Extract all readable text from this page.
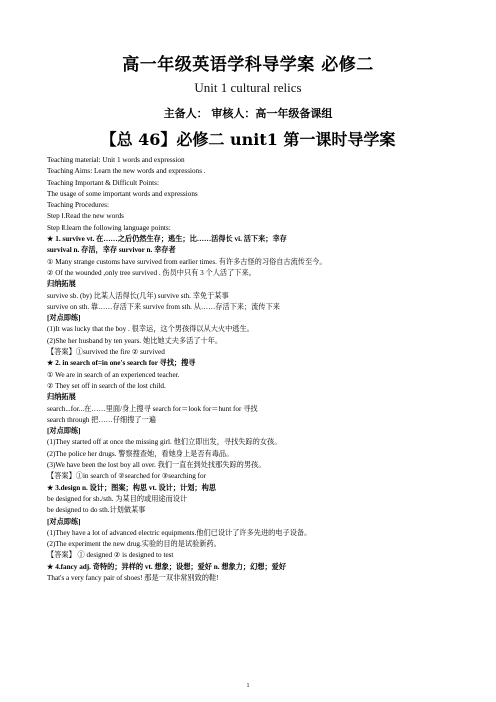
高一年级英语学科导学案 必修二
Unit 1 cultural relics
主备人： 审核人：高一年级备课组
【总 46】必修二 unit1 第一课时导学案
Teaching material: Unit 1 words and expression
Teaching Aims: Learn the new words and expressions .
Teaching Important & Difficult Points:
The usage of some important words and expressions
Teaching Procedures:
Step Ⅰ.Read the new words
Step Ⅱ.learn the following language points:
★ 1. survive vt. 在……之后仍然生存；逃生；比……活得长 vi. 活下来；幸存
survival n. 存活，幸存 survivor n. 幸存者
① Many strange customs have survived from earlier times. 有许多古怪的习俗自古流传至今。
② Of the wounded ,only tree survived . 伤员中只有 3 个人活了下来。
归纳拓展
survive sb. (by) 比某人活得长(几年) survive sth. 幸免于某事
survive on sth. 靠……存活下来 survive from sth. 从……存活下来；流传下来
[对点即练]
(1)It was lucky that the boy . 很幸运，这个男孩得以从大火中逃生。
(2)She her husband by ten years. 她比她丈夫多活了十年。
【答案】①survived the fire ② survived
★ 2. in search of=in one's search for 寻找；搜寻
① We are in search of an experienced teacher.
② They set off in search of the lost child.
归纳拓展
search...for...在……里面/身上搜寻 search for＝look for＝hunt for 寻找
search through 把……仔细搜了一遍
[对点即练]
(1)They started off at once the missing girl. 他们立即出发，寻找失踪的女孩。
(2)The police her drugs. 警察搜查她，看她身上是否有毒品。
(3)We have been the lost boy all over. 我们一直在到处找那失踪的男孩。
【答案】①in search of ②searched for ③searching for
★ 3.design n. 设计；图案；构思 vt. 设计；计划；构思
be designed for sb./sth. 为某目的或用途而设计
be designed to do sth.计划做某事
[对点即练]
(1)They have a lot of advanced electric equipments.他们已设计了许多先进的电子设备。
(2)The experiment the new drug.实验的目的是试验新药。
【答案】 ① designed ② is designed to test
★ 4.fancy adj. 奇特的；异样的 vt. 想象；设想；爱好 n. 想象力；幻想；爱好
That's a very fancy pair of shoes! 那是一双非常别致的鞋!
1
